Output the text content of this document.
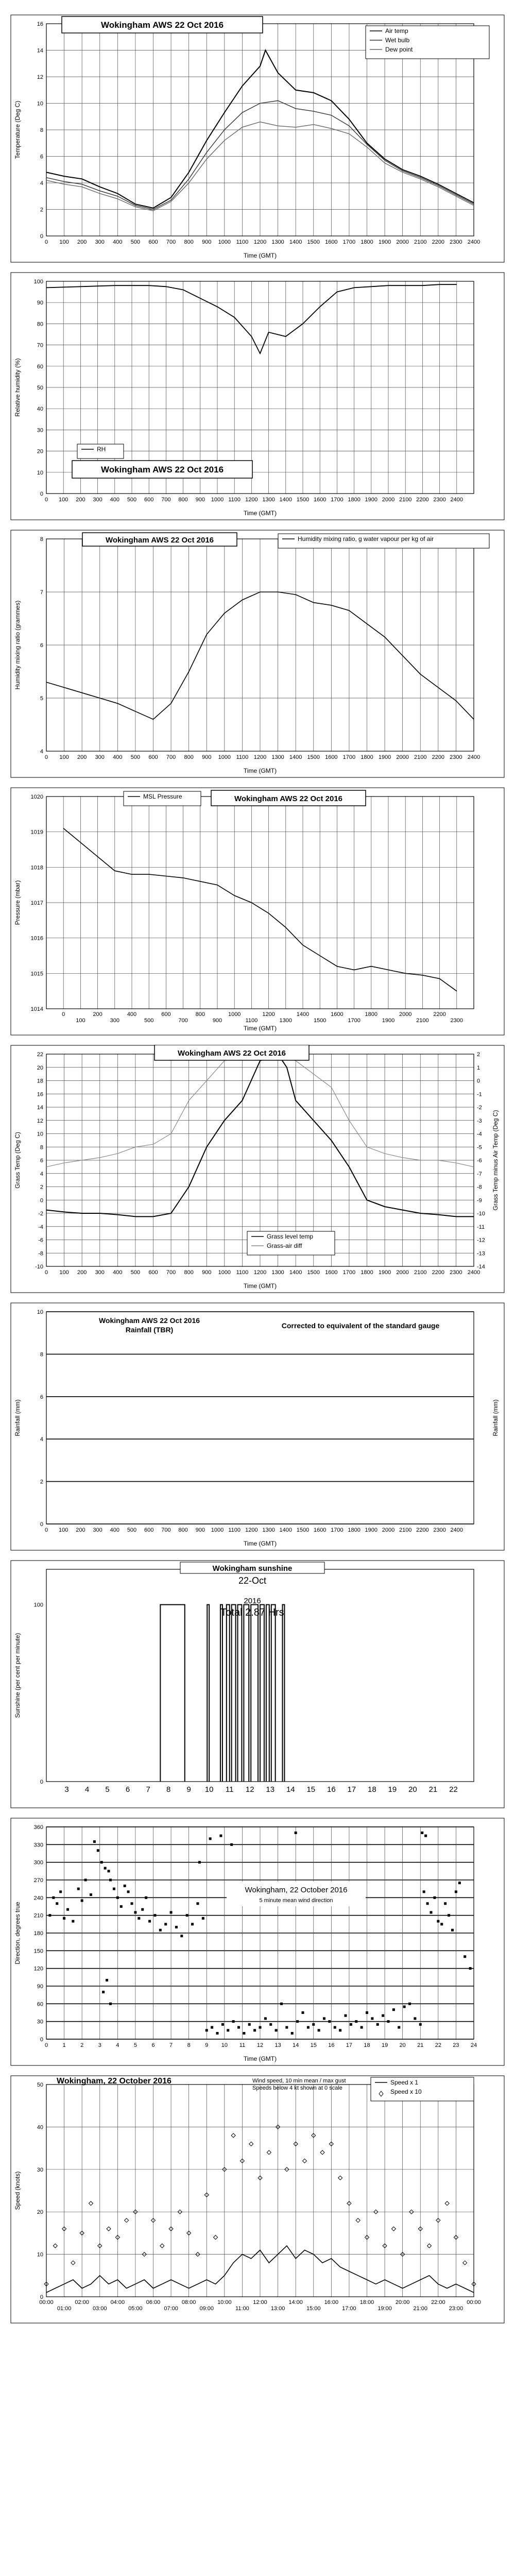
0
2
4
6
8
10
12
14
16
0 100 200 300 400 500 600 700 800 900 1000 1100 1200 1300 1400 1500 1600 1700 1800 1900 2000 2100 2200 2300 2400
Time (GMT)
Temperature (Deg C)
Wokingham AWS 22 Oct 2016
Air temp
Wet bulb
Dew point
0
10
20
30
40
50
60
70
80
90
100
0 100 200 300 400 500 600 700 800 900 1000 1100 1200 1300 1400 1500 1600 1700 1800 1900 2000 2100 2200 2300 2400
Time (GMT)
Relative humidity (%)
RH
Wokingham AWS 22 Oct 2016
4
5
6
7
8
0 100 200 300 400 500 600 700 800 900 1000 1100 1200 1300 1400 1500 1600 1700 1800 1900 2000 2100 2200 2300 2400
Time (GMT)
Humidity mixing ratio (grammes)
Wokingham AWS 22 Oct 2016	Humidity mixing ratio, g water vapour per kg of air
1014
1015
1016
1017
1018
1019
1020
0
100
200
300
400
500
600
700
800
900
1000
1100
1200
1300
1400
1500
1600
1700
1800
1900
2000
2100
2200
2300
Time (GMT)
Pressure (mbar)
MSL Pressure	Wokingham AWS 22 Oct 2016
-10
-8
-6
-4
-2
0
2
4
6
8
10
12
14
16
18
20
22
0 100 200 300 400 500 600 700 800 900 1000 1100 1200 1300 1400 1500 1600 1700 1800 1900 2000 2100 2200 2300 2400
Time (GMT)
Grass Temp (Deg C)
-14
-13
-12
-11
-10
-9
-8
-7
-6
-5
-4
-3
-2
-1
0
1
2
Grass Temp minus Air Temp (Deg C)
Wokingham AWS 22 Oct 2016
Grass level temp
Grass-air diff
0
2
4
6
8
10
0 100 200 300 400 500 600 700 800 900 1000 1100 1200 1300 1400 1500 1600 1700 1800 1900 2000 2100 2200 2300 2400
Time (GMT)
Rainfall (mm)	Rainfall (mm)
Wokingham AWS 22 Oct 2016
Rainfall (TBR)	Corrected to equivalent of the standard gauge
0
100
3 4 5 6 7 8 9 10 11 12 13 14 15 16 17 18 19 20 21 22
Sunshine (per cent per minute)
Wokingham sunshine
22-Oct
2016
Total 2.87 Hrs
0
30
60
90
120
150
180
210
240
270
300
330
360
0	1	2	3	4	5	6	7	8	9 10 11 12 13 14 15 16 17 18 19 20 21 22 23 24
Time (GMT)
Direction, degrees true
Wokingham, 22 October 2016
5 minute mean wind direction
0
10
20
30
40
50
00:00
01:00
02:00
03:00
04:00
05:00
06:00
07:00
08:00
09:00
10:00
11:00
12:00
13:00
14:00
15:00
16:00
17:00
18:00
19:00
20:00
21:00
22:00
23:00
00:00
Speed (knots)
Wokingham, 22 October 2016	Wind speed, 10 min mean / max gust
Speeds below 4 kt shown at 0 scale
Speed x 1
Speed x 10
